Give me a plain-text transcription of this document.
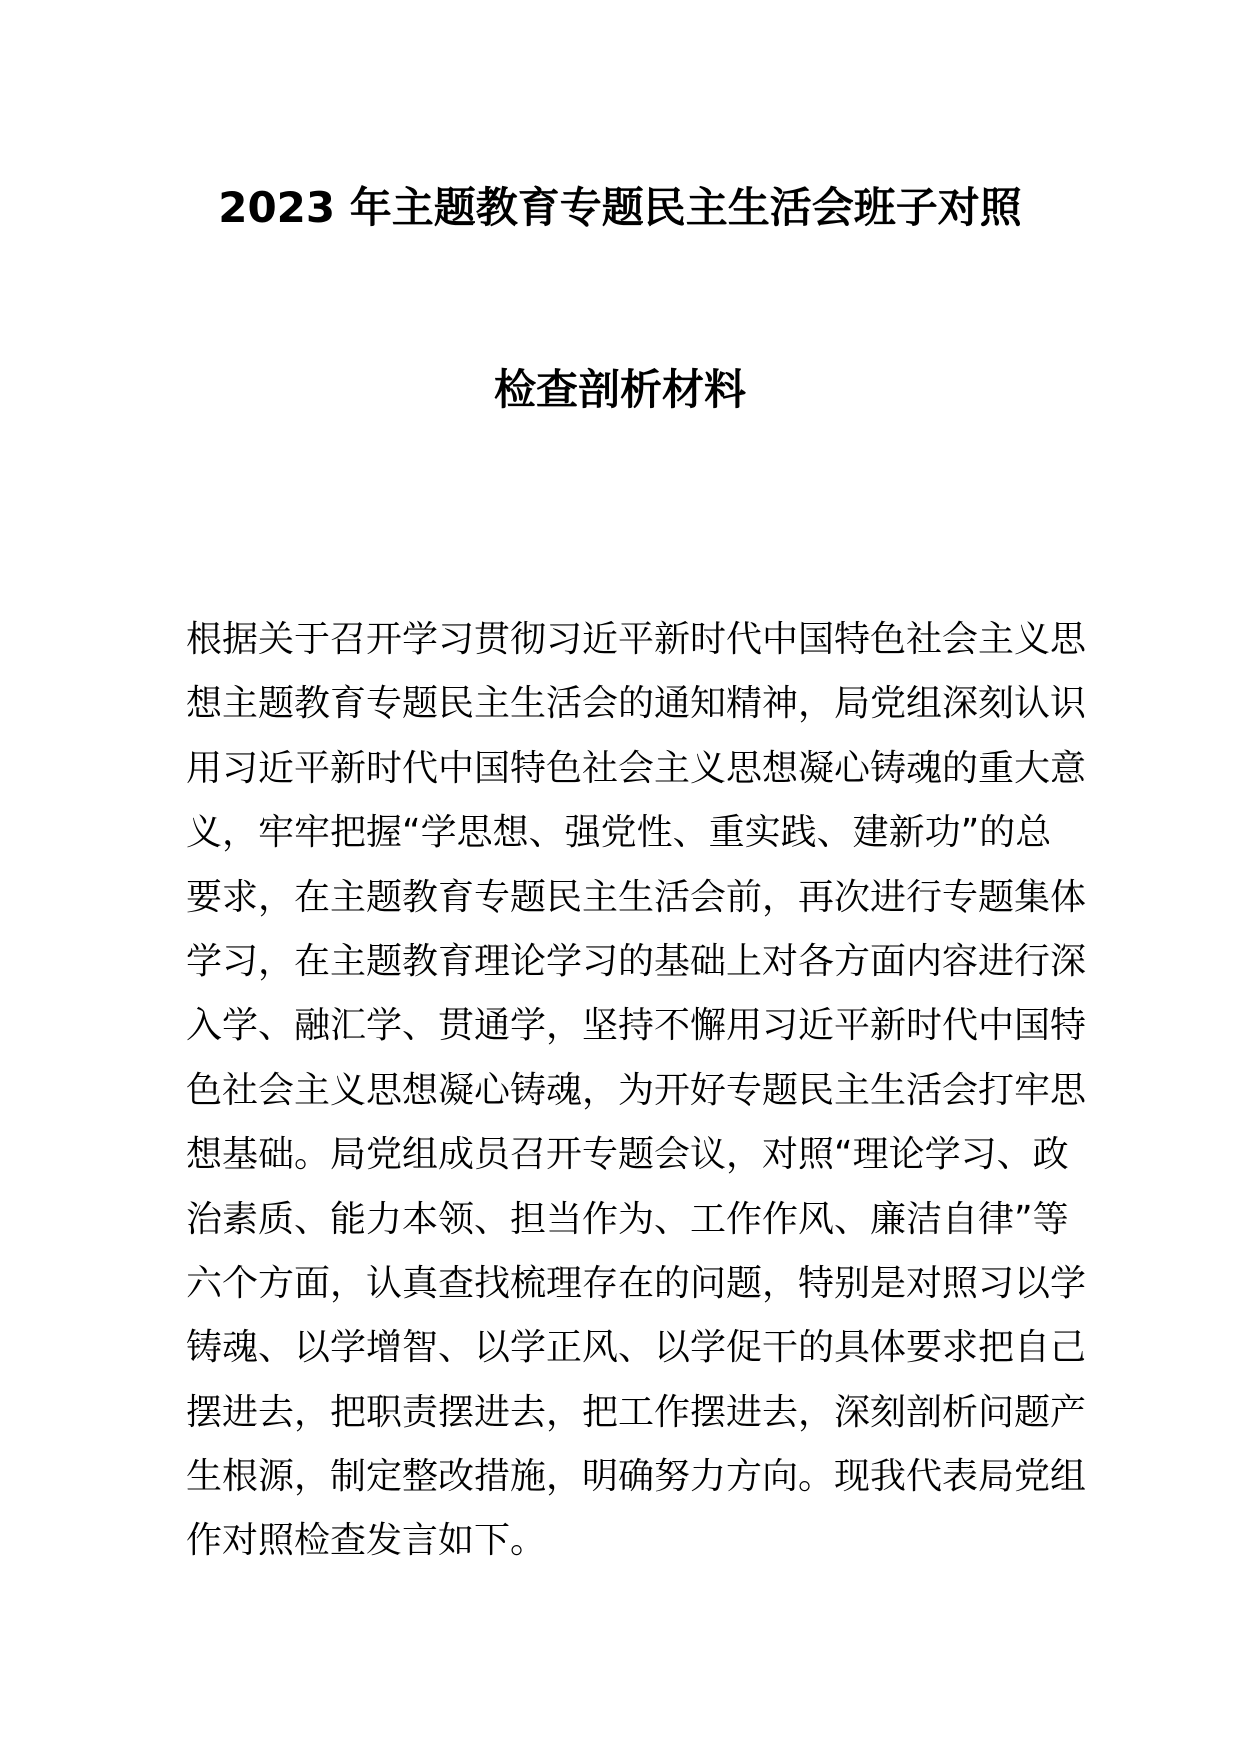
2023 年主题教育专题民主生活会班子对照
检查剖析材料
根据关于召开学习贯彻习近平新时代中国特色社会主义思
想主题教育专题民主生活会的通知精神，局党组深刻认识
用习近平新时代中国特色社会主义思想凝心铸魂的重大意
义，牢牢把握“学思想、强党性、重实践、建新功”的总
要求，在主题教育专题民主生活会前，再次进行专题集体
学习，在主题教育理论学习的基础上对各方面内容进行深
入学、融汇学、贯通学，坚持不懈用习近平新时代中国特
色社会主义思想凝心铸魂，为开好专题民主生活会打牢思
想基础。局党组成员召开专题会议，对照“理论学习、政
治素质、能力本领、担当作为、工作作风、廉洁自律”等
六个方面，认真查找梳理存在的问题，特别是对照习以学
铸魂、以学增智、以学正风、以学促干的具体要求把自己
摆进去，把职责摆进去，把工作摆进去，深刻剖析问题产
生根源，制定整改措施，明确努力方向。现我代表局党组
作对照检查发言如下。
